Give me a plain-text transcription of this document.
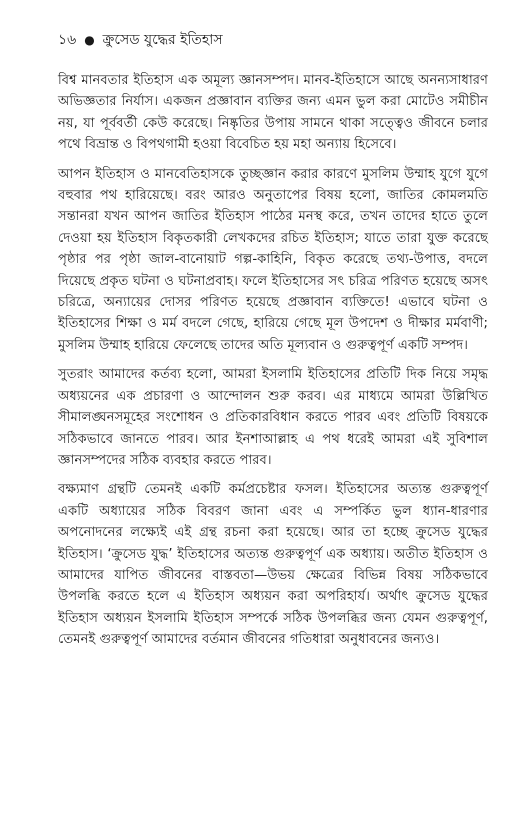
১৬ ● ক্রুসেড যুদ্ধের ইতিহাস

বিশ্ব মানবতার ইতিহাস এক অমূল্য জ্ঞানসম্পদ। মানব-ইতিহাসে আছে অনন্যসাধারণ অভিজ্ঞতার নির্যাস। একজন প্রজ্ঞাবান ব্যক্তির জন্য এমন ভুল করা মোটেও সমীচীন নয়, যা পূর্ববর্তী কেউ করেছে। নিষ্কৃতির উপায় সামনে থাকা সত্ত্বেও জীবনে চলার পথে বিভ্রান্ত ও বিপথগামী হওয়া বিবেচিত হয় মহা অন্যায় হিসেবে।

আপন ইতিহাস ও মানবেতিহাসকে তুচ্ছজ্ঞান করার কারণে মুসলিম উম্মাহ যুগে যুগে বহুবার পথ হারিয়েছে। বরং আরও অনুতাপের বিষয় হলো, জাতির কোমলমতি সন্তানরা যখন আপন জাতির ইতিহাস পাঠের মনস্থ করে, তখন তাদের হাতে তুলে দেওয়া হয় ইতিহাস বিকৃতকারী লেখকদের রচিত ইতিহাস; যাতে তারা যুক্ত করেছে পৃষ্ঠার পর পৃষ্ঠা জাল-বানোয়াট গল্প-কাহিনি, বিকৃত করেছে তথ্য-উপাত্ত, বদলে দিয়েছে প্রকৃত ঘটনা ও ঘটনাপ্রবাহ। ফলে ইতিহাসের সৎ চরিত্র পরিণত হয়েছে অসৎ চরিত্রে, অন্যায়ের দোসর পরিণত হয়েছে প্রজ্ঞাবান ব্যক্তিতে! এভাবে ঘটনা ও ইতিহাসের শিক্ষা ও মর্ম বদলে গেছে, হারিয়ে গেছে মূল উপদেশ ও দীক্ষার মর্মবাণী; মুসলিম উম্মাহ হারিয়ে ফেলেছে তাদের অতি মূল্যবান ও গুরুত্বপূর্ণ একটি সম্পদ।

সুতরাং আমাদের কর্তব্য হলো, আমরা ইসলামি ইতিহাসের প্রতিটি দিক নিয়ে সমৃদ্ধ অধ্যয়নের এক প্রচারণা ও আন্দোলন শুরু করব। এর মাধ্যমে আমরা উল্লিখিত সীমালঙ্ঘনসমূহের সংশোধন ও প্রতিকারবিধান করতে পারব এবং প্রতিটি বিষয়কে সঠিকভাবে জানতে পারব। আর ইনশাআল্লাহ এ পথ ধরেই আমরা এই সুবিশাল জ্ঞানসম্পদের সঠিক ব্যবহার করতে পারব।

বক্ষ্যমাণ গ্রন্থটি তেমনই একটি কর্মপ্রচেষ্টার ফসল। ইতিহাসের অত্যন্ত গুরুত্বপূর্ণ একটি অধ্যায়ের সঠিক বিবরণ জানা এবং এ সম্পর্কিত ভুল ধ্যান-ধারণার অপনোদনের লক্ষ্যেই এই গ্রন্থ রচনা করা হয়েছে। আর তা হচ্ছে ক্রুসেড যুদ্ধের ইতিহাস। ‘ক্রুসেড যুদ্ধ’ ইতিহাসের অত্যন্ত গুরুত্বপূর্ণ এক অধ্যায়। অতীত ইতিহাস ও আমাদের যাপিত জীবনের বাস্তবতা—উভয় ক্ষেত্রের বিভিন্ন বিষয় সঠিকভাবে উপলব্ধি করতে হলে এ ইতিহাস অধ্যয়ন করা অপরিহার্য। অর্থাৎ ক্রুসেড যুদ্ধের ইতিহাস অধ্যয়ন ইসলামি ইতিহাস সম্পর্কে সঠিক উপলব্ধির জন্য যেমন গুরুত্বপূর্ণ, তেমনই গুরুত্বপূর্ণ আমাদের বর্তমান জীবনের গতিধারা অনুধাবনের জন্যও।
